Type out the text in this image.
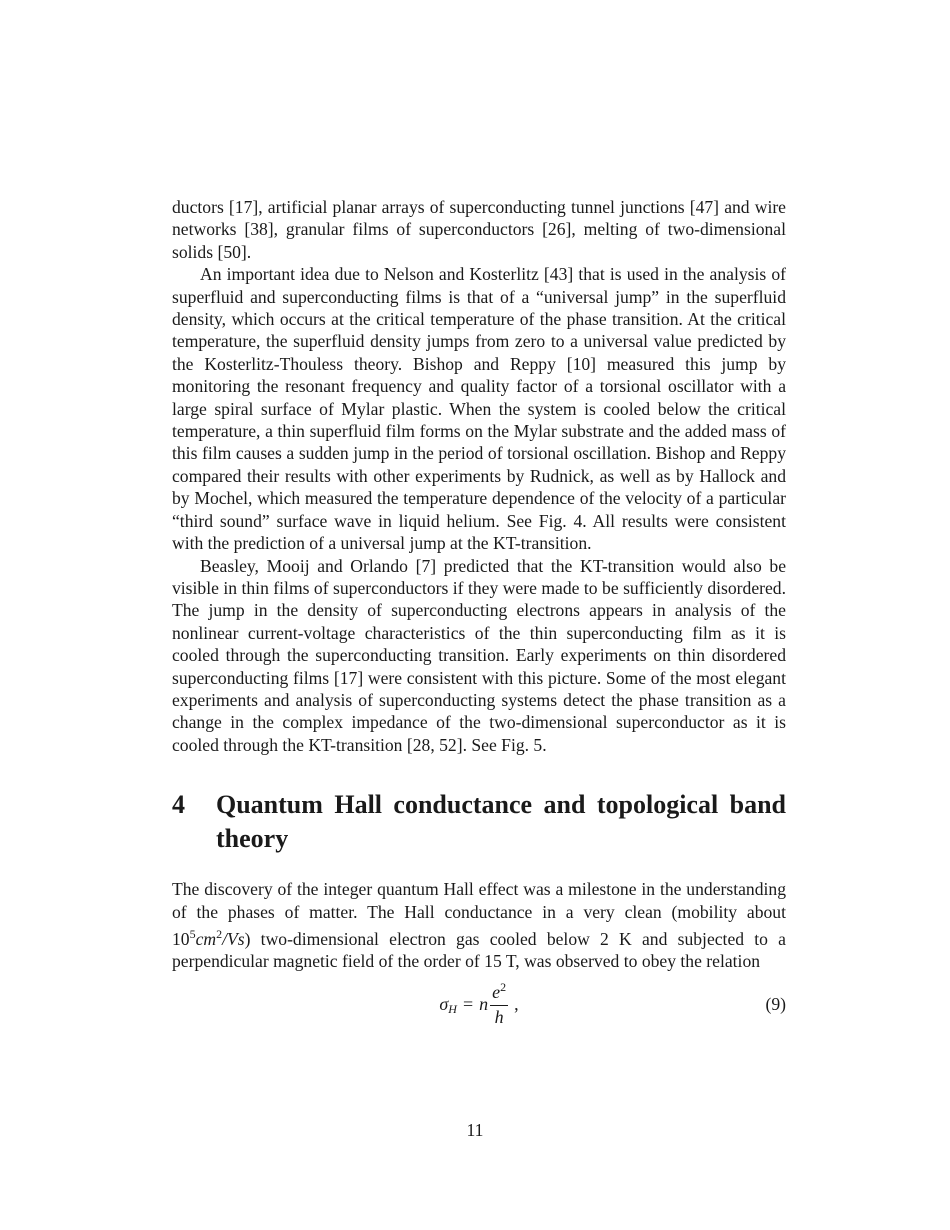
ductors [17], artificial planar arrays of superconducting tunnel junctions [47] and wire networks [38], granular films of superconductors [26], melting of two-dimensional solids [50].

An important idea due to Nelson and Kosterlitz [43] that is used in the analysis of superfluid and superconducting films is that of a “universal jump” in the superfluid density, which occurs at the critical temperature of the phase transition. At the critical temperature, the superfluid density jumps from zero to a universal value predicted by the Kosterlitz-Thouless theory. Bishop and Reppy [10] measured this jump by monitoring the resonant frequency and quality factor of a torsional oscillator with a large spiral surface of Mylar plastic. When the system is cooled below the critical temperature, a thin superfluid film forms on the Mylar substrate and the added mass of this film causes a sudden jump in the period of torsional oscillation. Bishop and Reppy compared their results with other experiments by Rudnick, as well as by Hallock and by Mochel, which measured the temperature dependence of the velocity of a particular “third sound” surface wave in liquid helium. See Fig. 4. All results were consistent with the prediction of a universal jump at the KT-transition.

Beasley, Mooij and Orlando [7] predicted that the KT-transition would also be visible in thin films of superconductors if they were made to be sufficiently disordered. The jump in the density of superconducting electrons appears in analysis of the nonlinear current-voltage characteristics of the thin superconducting film as it is cooled through the superconducting transition. Early experiments on thin disordered superconducting films [17] were consistent with this picture. Some of the most elegant experiments and analysis of superconducting systems detect the phase transition as a change in the complex impedance of the two-dimensional superconductor as it is cooled through the KT-transition [28, 52]. See Fig. 5.

4	Quantum Hall conductance and topological band theory

The discovery of the integer quantum Hall effect was a milestone in the understanding of the phases of matter. The Hall conductance in a very clean (mobility about $10^5cm^2/Vs$) two-dimensional electron gas cooled below 2 K and subjected to a perpendicular magnetic field of the order of 15 T, was observed to obey the relation

σ H = n $\frac{e^2}{h}$ ,	(9)
11
